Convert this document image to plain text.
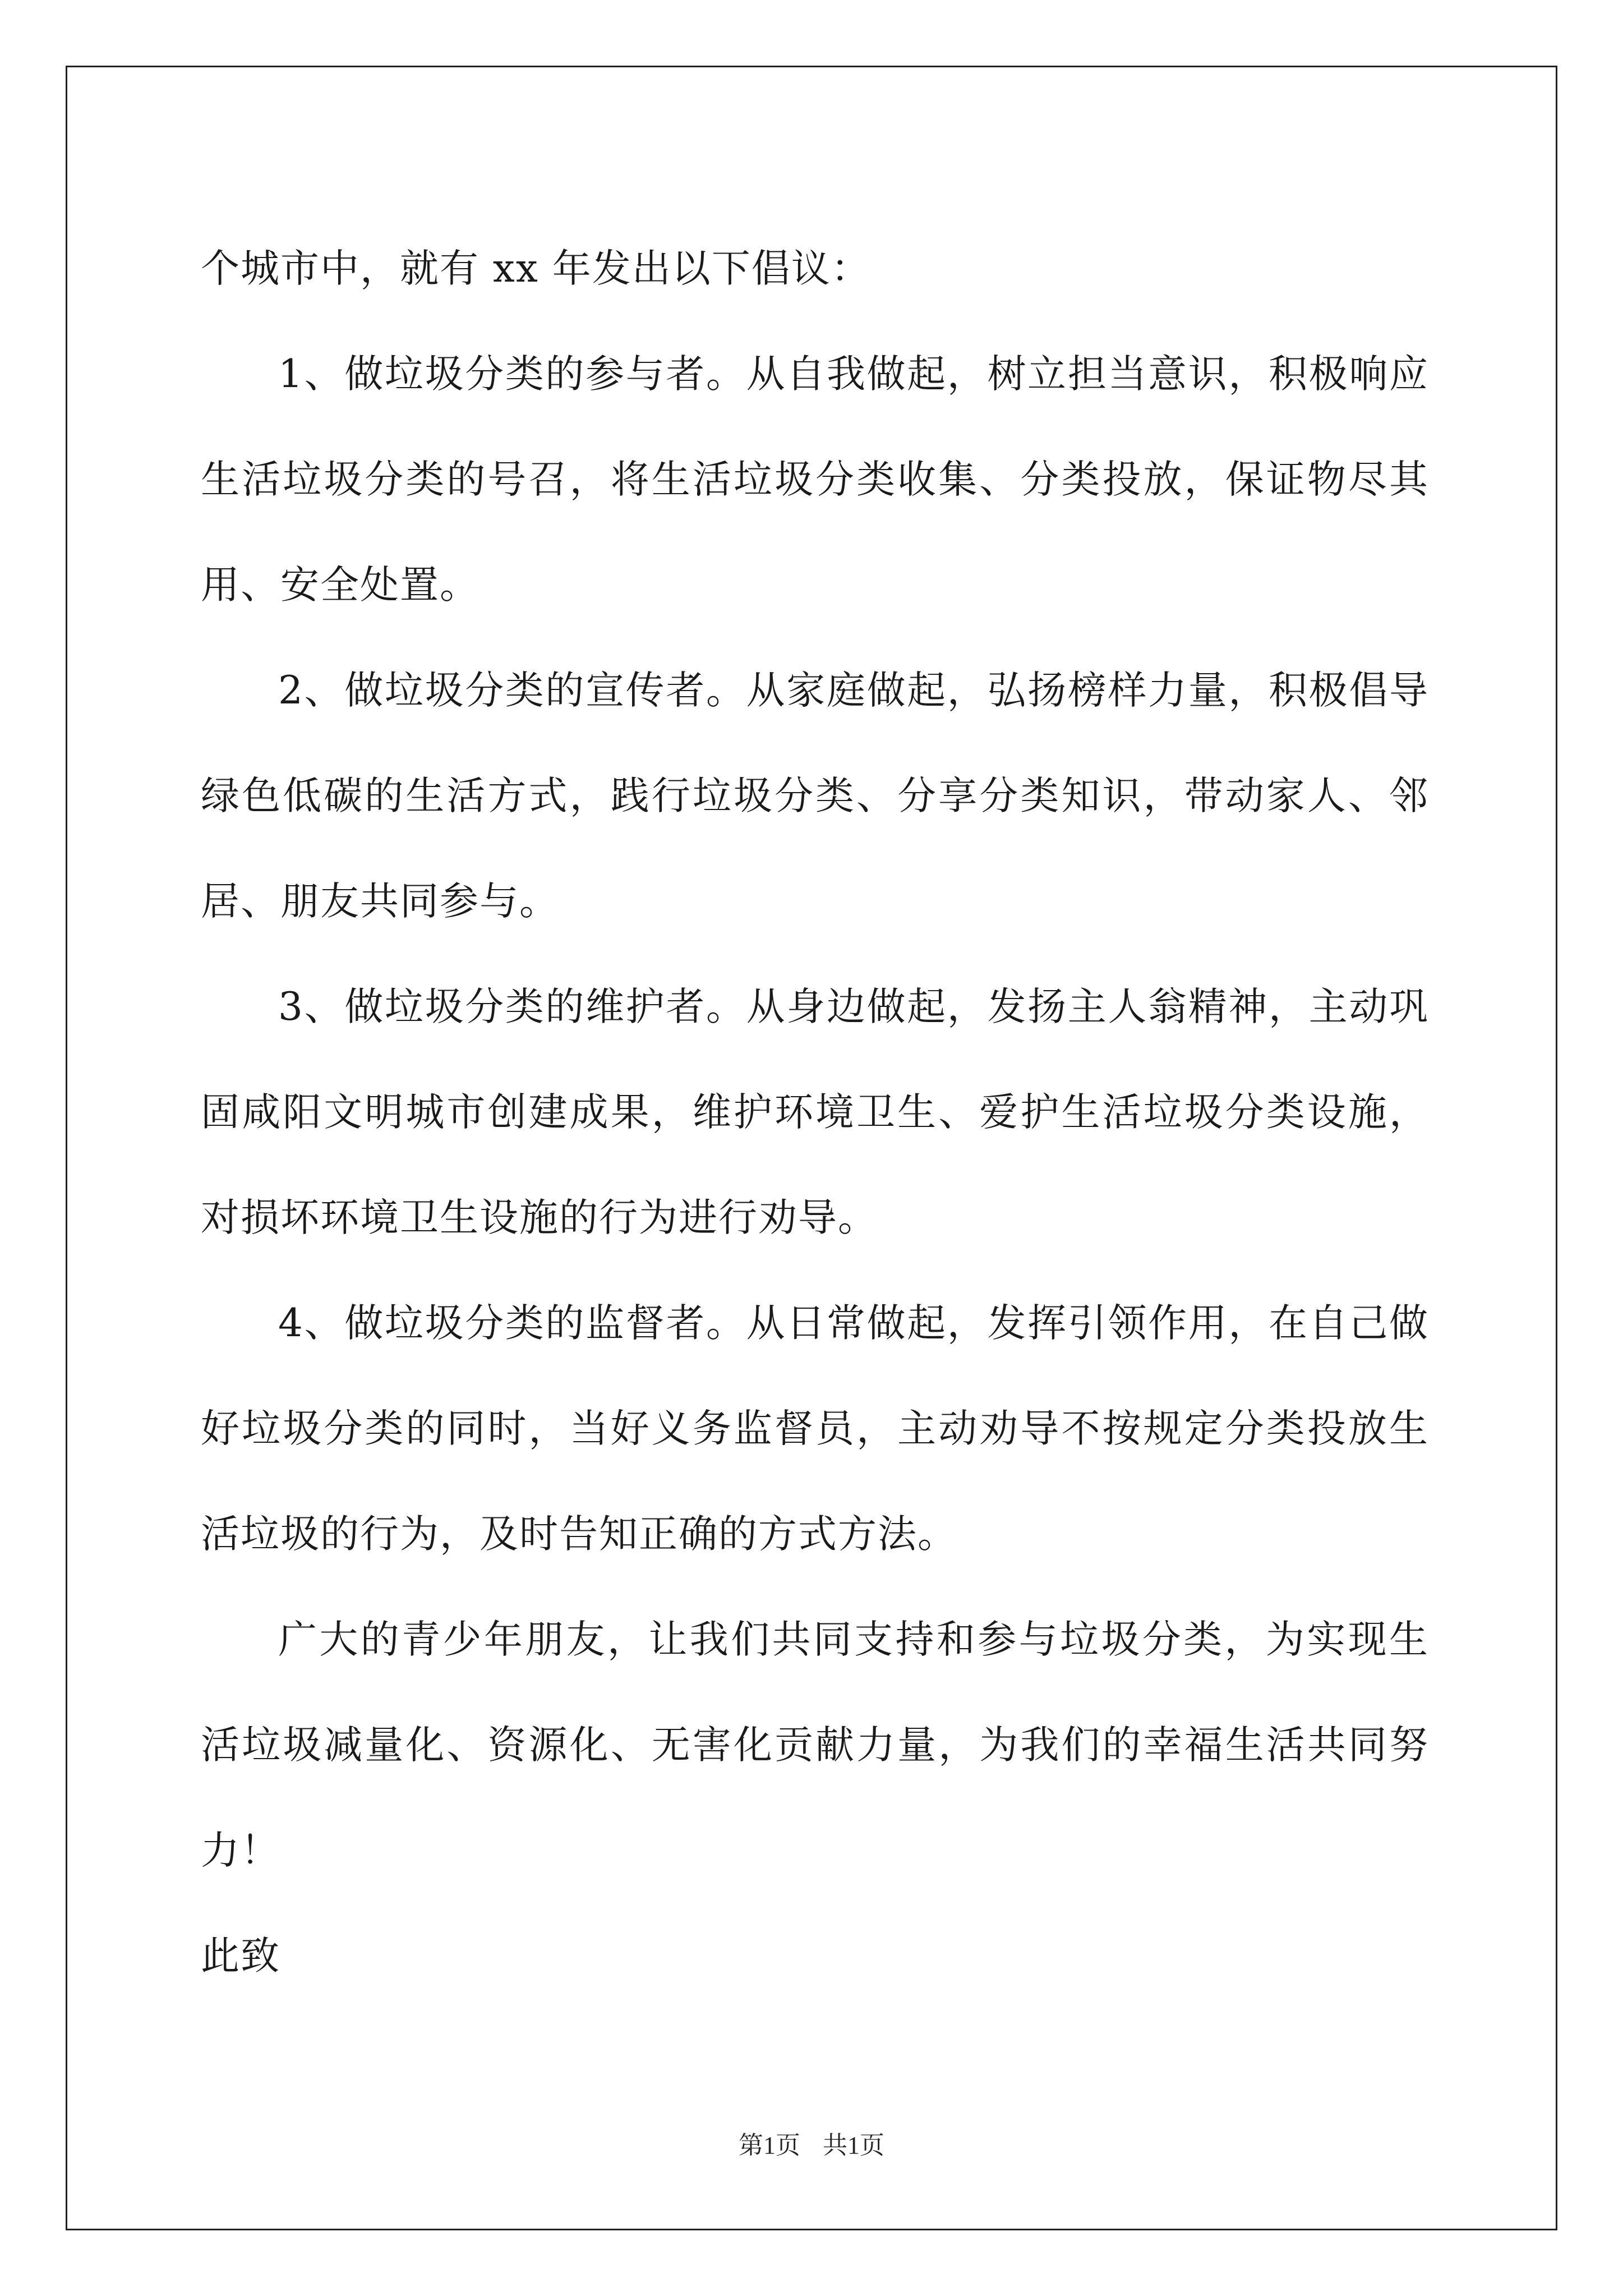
个城市中，就有 xx 年发出以下倡议：

1、做垃圾分类的参与者。从自我做起，树立担当意识，积极响应生活垃圾分类的号召，将生活垃圾分类收集、分类投放，保证物尽其用、安全处置。

2、做垃圾分类的宣传者。从家庭做起，弘扬榜样力量，积极倡导绿色低碳的生活方式，践行垃圾分类、分享分类知识，带动家人、邻居、朋友共同参与。

3、做垃圾分类的维护者。从身边做起，发扬主人翁精神，主动巩固咸阳文明城市创建成果，维护环境卫生、爱护生活垃圾分类设施，对损坏环境卫生设施的行为进行劝导。

4、做垃圾分类的监督者。从日常做起，发挥引领作用，在自己做好垃圾分类的同时，当好义务监督员，主动劝导不按规定分类投放生活垃圾的行为，及时告知正确的方式方法。

广大的青少年朋友，让我们共同支持和参与垃圾分类，为实现生活垃圾减量化、资源化、无害化贡献力量，为我们的幸福生活共同努力！

此致

第1页 共1页
